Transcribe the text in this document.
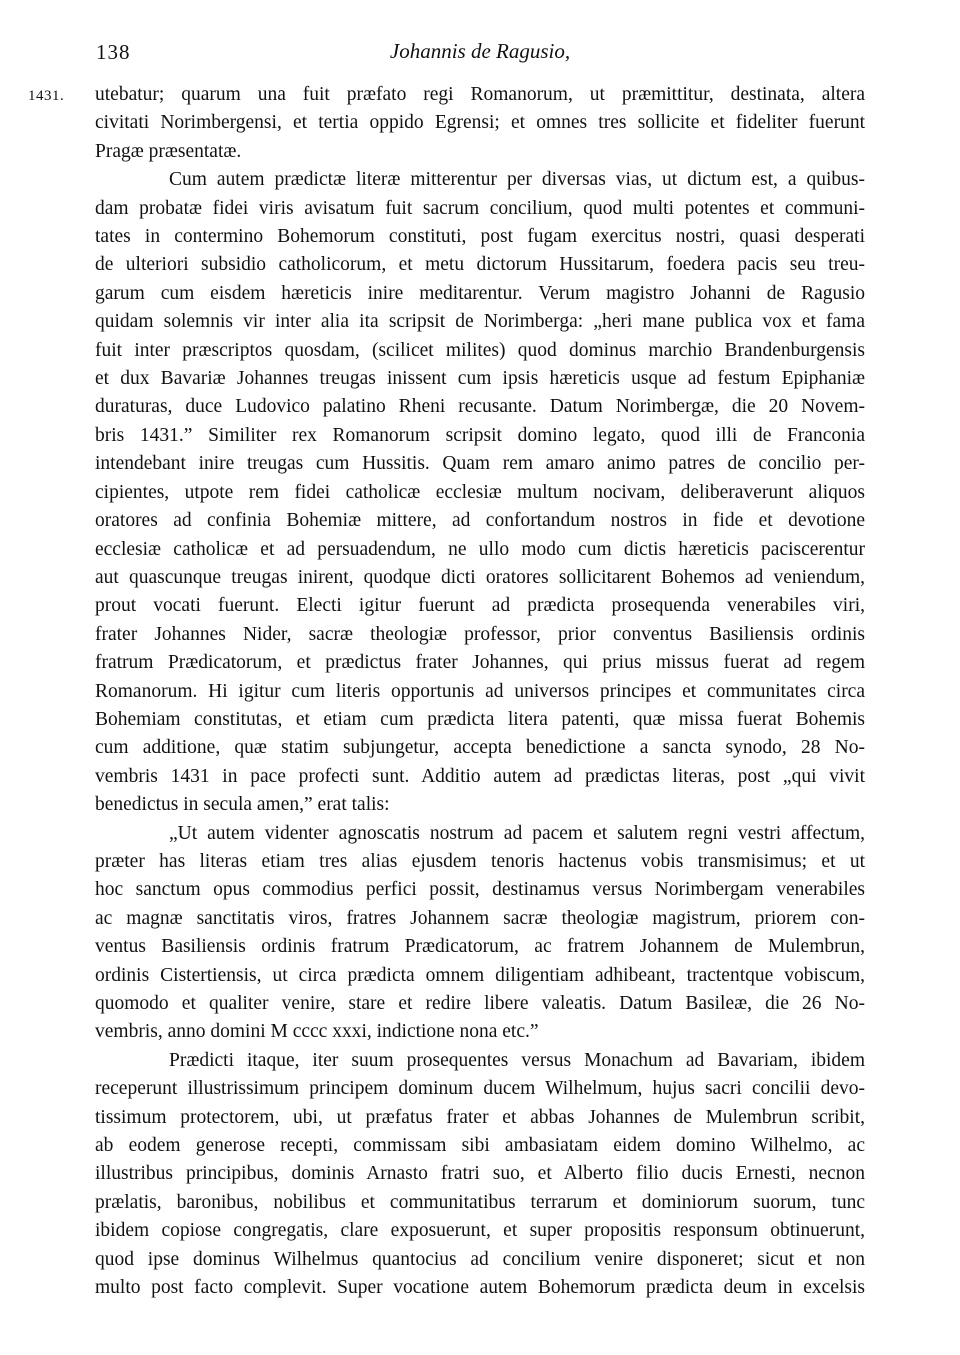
138	Johannis de Ragusio,
1431. utebatur; quarum una fuit præfato regi Romanorum, ut præmittitur, destinata, altera
civitati Norimbergensi, et tertia oppido Egrensi; et omnes tres sollicite et fideliter fuerunt
Pragæ præsentatæ.
Cum autem prædictæ literæ mitterentur per diversas vias, ut dictum est, a quibus-
dam probatæ fidei viris avisatum fuit sacrum concilium, quod multi potentes et communi-
tates in contermino Bohemorum constituti, post fugam exercitus nostri, quasi desperati
de ulteriori subsidio catholicorum, et metu dictorum Hussitarum, foedera pacis seu treu-
garum cum eisdem hæreticis inire meditarentur. Verum magistro Johanni de Ragusio
quidam solemnis vir inter alia ita scripsit de Norimberga: „heri mane publica vox et fama
fuit inter præscriptos quosdam, (scilicet milites) quod dominus marchio Brandenburgensis
et dux Bavariæ Johannes treugas inissent cum ipsis hæreticis usque ad festum Epiphaniæ
duraturas, duce Ludovico palatino Rheni recusante. Datum Norimbergæ, die 20 Novem-
bris 1431.” Similiter rex Romanorum scripsit domino legato, quod illi de Franconia
intendebant inire treugas cum Hussitis. Quam rem amaro animo patres de concilio per-
cipientes, utpote rem fidei catholicæ ecclesiæ multum nocivam, deliberaverunt aliquos
oratores ad confinia Bohemiæ mittere, ad confortandum nostros in fide et devotione
ecclesiæ catholicæ et ad persuadendum, ne ullo modo cum dictis hæreticis paciscerentur
aut quascunque treugas inirent, quodque dicti oratores sollicitarent Bohemos ad veniendum,
prout vocati fuerunt. Electi igitur fuerunt ad prædicta prosequenda venerabiles viri,
frater Johannes Nider, sacræ theologiæ professor, prior conventus Basiliensis ordinis
fratrum Prædicatorum, et prædictus frater Johannes, qui prius missus fuerat ad regem
Romanorum. Hi igitur cum literis opportunis ad universos principes et communitates circa
Bohemiam constitutas, et etiam cum prædicta litera patenti, quæ missa fuerat Bohemis
cum additione, quæ statim subjungetur, accepta benedictione a sancta synodo, 28 No-
vembris 1431 in pace profecti sunt. Additio autem ad prædictas literas, post „qui vivit
benedictus in secula amen,” erat talis:
„Ut autem videnter agnoscatis nostrum ad pacem et salutem regni vestri affectum,
præter has literas etiam tres alias ejusdem tenoris hactenus vobis transmisimus; et ut
hoc sanctum opus commodius perfici possit, destinamus versus Norimbergam venerabiles
ac magnæ sanctitatis viros, fratres Johannem sacræ theologiæ magistrum, priorem con-
ventus Basiliensis ordinis fratrum Prædicatorum, ac fratrem Johannem de Mulembrun,
ordinis Cistertiensis, ut circa prædicta omnem diligentiam adhibeant, tractentque vobiscum,
quomodo et qualiter venire, stare et redire libere valeatis. Datum Basileæ, die 26 No-
vembris, anno domini M cccc xxxi, indictione nona etc.”
Prædicti itaque, iter suum prosequentes versus Monachum ad Bavariam, ibidem
receperunt illustrissimum principem dominum ducem Wilhelmum, hujus sacri concilii devo-
tissimum protectorem, ubi, ut præfatus frater et abbas Johannes de Mulembrun scribit,
ab eodem generose recepti, commissam sibi ambasiatam eidem domino Wilhelmo, ac
illustribus principibus, dominis Arnasto fratri suo, et Alberto filio ducis Ernesti, necnon
prælatis, baronibus, nobilibus et communitatibus terrarum et dominiorum suorum, tunc
ibidem copiose congregatis, clare exposuerunt, et super propositis responsum obtinuerunt,
quod ipse dominus Wilhelmus quantocius ad concilium venire disponeret; sicut et non
multo post facto complevit. Super vocatione autem Bohemorum prædicta deum in excelsis
